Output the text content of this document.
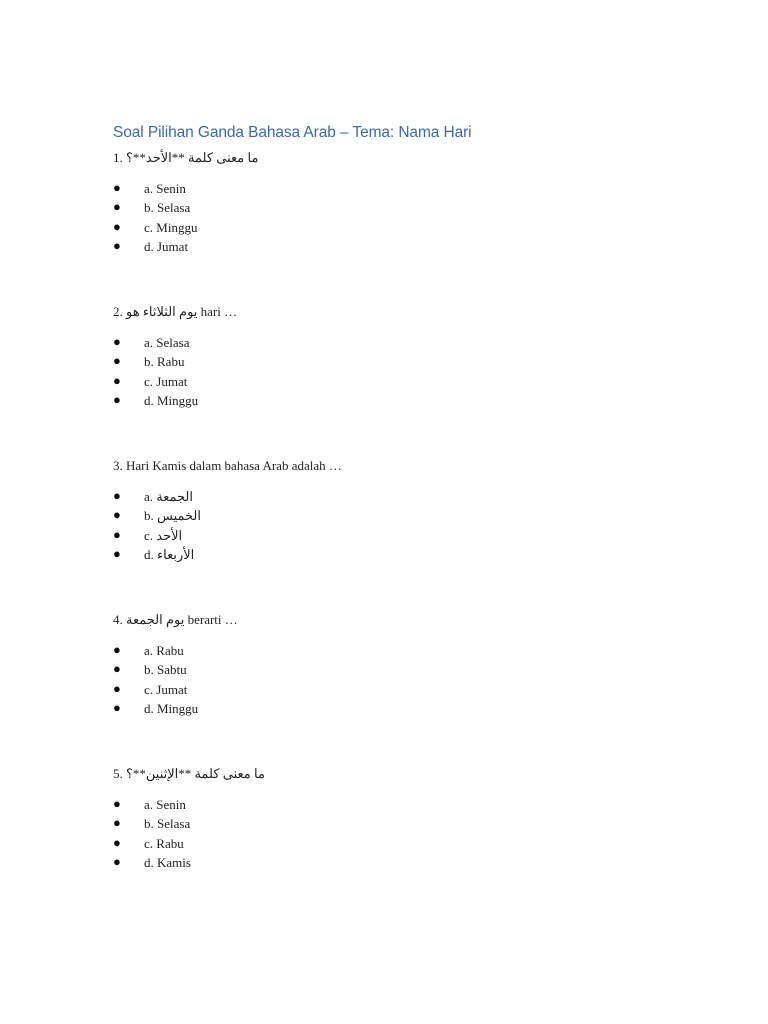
Soal Pilihan Ganda Bahasa Arab – Tema: Nama Hari
1. ما معنى كلمة **الأحد**؟
● a. Senin
● b. Selasa
● c. Minggu
● d. Jumat
2. يوم الثلاثاء هو hari …
● a. Selasa
● b. Rabu
● c. Jumat
● d. Minggu
3. Hari Kamis dalam bahasa Arab adalah …
● a. الجمعة
● b. الخميس
● c. الأحد
● d. الأربعاء
4. يوم الجمعة berarti …
● a. Rabu
● b. Sabtu
● c. Jumat
● d. Minggu
5. ما معنى كلمة **الإثنين**؟
● a. Senin
● b. Selasa
● c. Rabu
● d. Kamis
